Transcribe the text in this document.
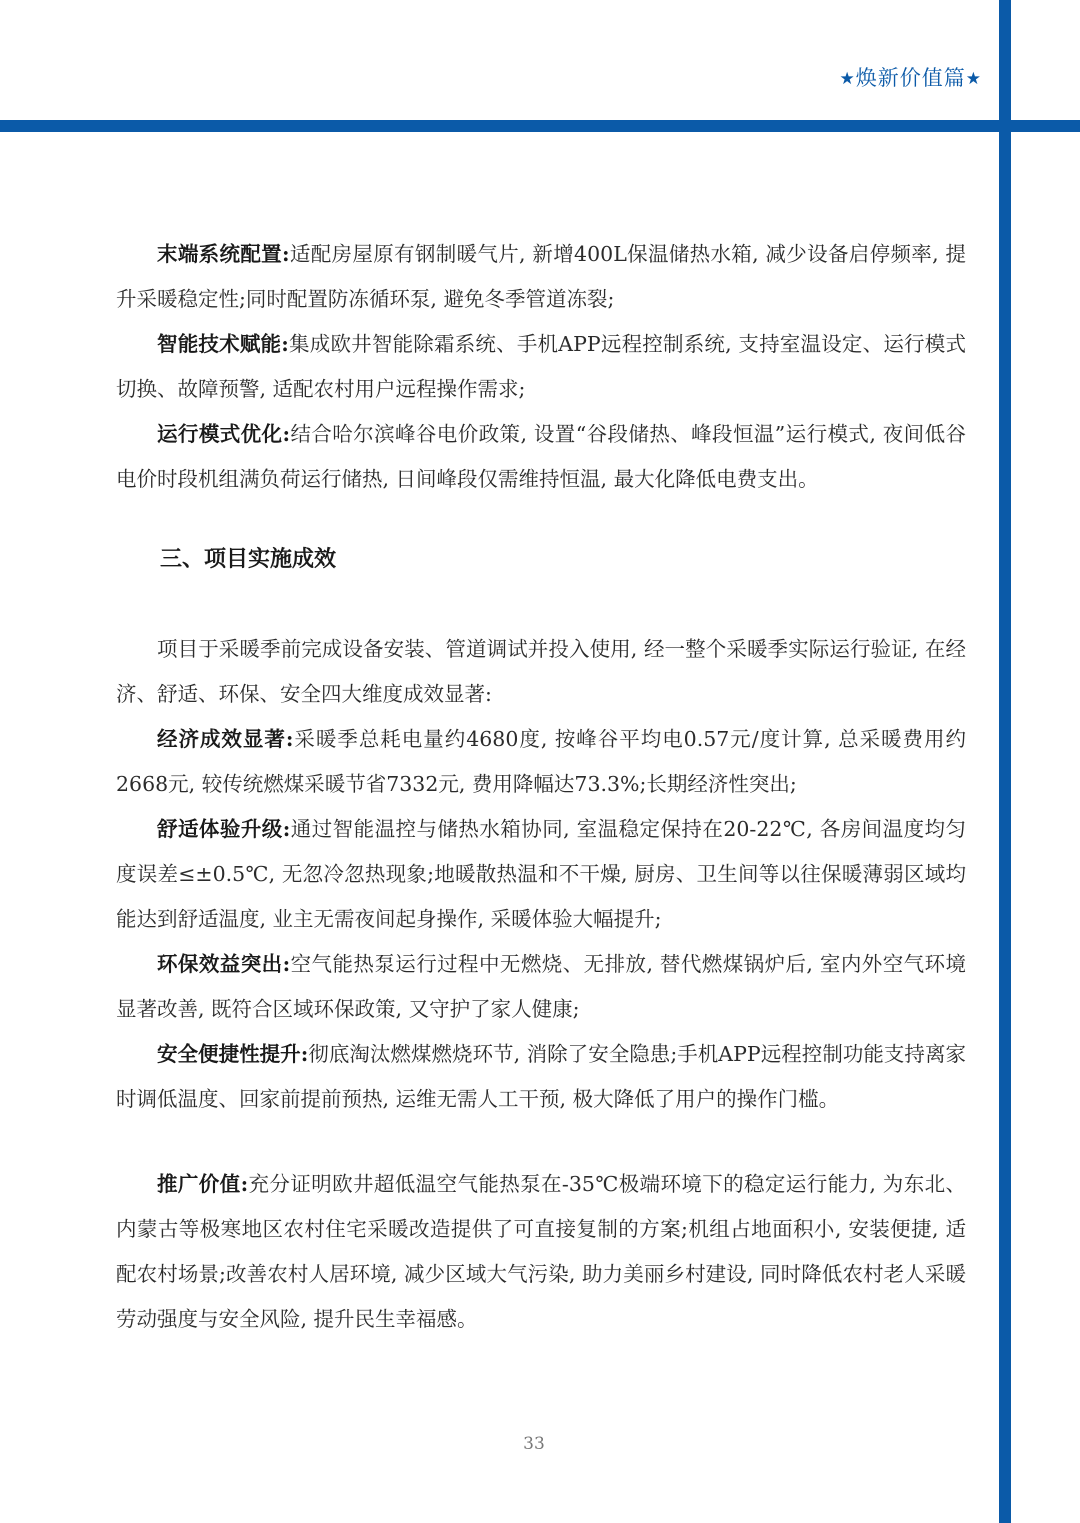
★焕新价值篇★

末端系统配置:适配房屋原有钢制暖气片, 新增400L保温储热水箱, 减少设备启停频率, 提升采暖稳定性;同时配置防冻循环泵, 避免冬季管道冻裂;

智能技术赋能:集成欧井智能除霜系统、手机APP远程控制系统, 支持室温设定、运行模式切换、故障预警, 适配农村用户远程操作需求;

运行模式优化:结合哈尔滨峰谷电价政策, 设置“谷段储热、峰段恒温”运行模式, 夜间低谷电价时段机组满负荷运行储热, 日间峰段仅需维持恒温, 最大化降低电费支出。

三、项目实施成效

项目于采暖季前完成设备安装、管道调试并投入使用, 经一整个采暖季实际运行验证, 在经济、舒适、环保、安全四大维度成效显著:

经济成效显著:采暖季总耗电量约4680度, 按峰谷平均电0.57元/度计算, 总采暖费用约2668元, 较传统燃煤采暖节省7332元, 费用降幅达73.3%;长期经济性突出;

舒适体验升级:通过智能温控与储热水箱协同, 室温稳定保持在20-22℃, 各房间温度均匀度误差≤±0.5℃, 无忽冷忽热现象;地暖散热温和不干燥, 厨房、卫生间等以往保暖薄弱区域均能达到舒适温度, 业主无需夜间起身操作, 采暖体验大幅提升;

环保效益突出:空气能热泵运行过程中无燃烧、无排放, 替代燃煤锅炉后, 室内外空气环境显著改善, 既符合区域环保政策, 又守护了家人健康;

安全便捷性提升:彻底淘汰燃煤燃烧环节, 消除了安全隐患;手机APP远程控制功能支持离家时调低温度、回家前提前预热, 运维无需人工干预, 极大降低了用户的操作门槛。

推广价值:充分证明欧井超低温空气能热泵在-35℃极端环境下的稳定运行能力, 为东北、内蒙古等极寒地区农村住宅采暖改造提供了可直接复制的方案;机组占地面积小, 安装便捷, 适配农村场景;改善农村人居环境, 减少区域大气污染, 助力美丽乡村建设, 同时降低农村老人采暖劳动强度与安全风险, 提升民生幸福感。

33
